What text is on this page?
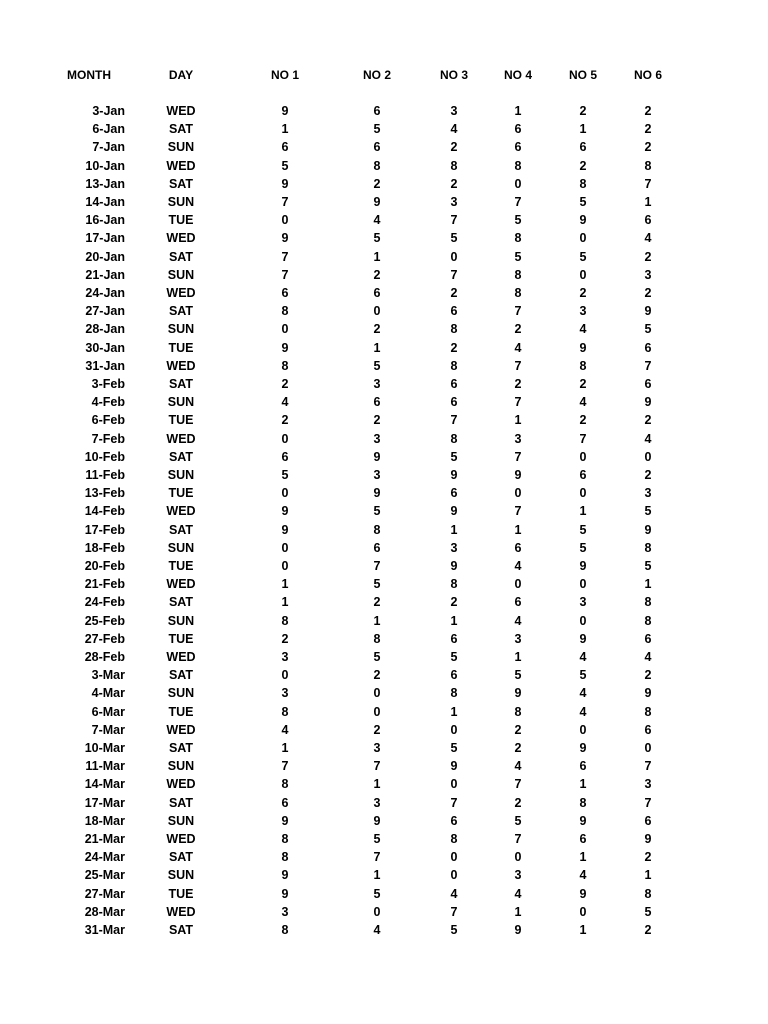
MONTH	DAY	NO 1	NO 2	NO 3	NO 4	NO 5	NO 6
3-Jan	WED	9	6	3	1	2	2
6-Jan	SAT	1	5	4	6	1	2
7-Jan	SUN	6	6	2	6	6	2
10-Jan	WED	5	8	8	8	2	8
13-Jan	SAT	9	2	2	0	8	7
14-Jan	SUN	7	9	3	7	5	1
16-Jan	TUE	0	4	7	5	9	6
17-Jan	WED	9	5	5	8	0	4
20-Jan	SAT	7	1	0	5	5	2
21-Jan	SUN	7	2	7	8	0	3
24-Jan	WED	6	6	2	8	2	2
27-Jan	SAT	8	0	6	7	3	9
28-Jan	SUN	0	2	8	2	4	5
30-Jan	TUE	9	1	2	4	9	6
31-Jan	WED	8	5	8	7	8	7
3-Feb	SAT	2	3	6	2	2	6
4-Feb	SUN	4	6	6	7	4	9
6-Feb	TUE	2	2	7	1	2	2
7-Feb	WED	0	3	8	3	7	4
10-Feb	SAT	6	9	5	7	0	0
11-Feb	SUN	5	3	9	9	6	2
13-Feb	TUE	0	9	6	0	0	3
14-Feb	WED	9	5	9	7	1	5
17-Feb	SAT	9	8	1	1	5	9
18-Feb	SUN	0	6	3	6	5	8
20-Feb	TUE	0	7	9	4	9	5
21-Feb	WED	1	5	8	0	0	1
24-Feb	SAT	1	2	2	6	3	8
25-Feb	SUN	8	1	1	4	0	8
27-Feb	TUE	2	8	6	3	9	6
28-Feb	WED	3	5	5	1	4	4
3-Mar	SAT	0	2	6	5	5	2
4-Mar	SUN	3	0	8	9	4	9
6-Mar	TUE	8	0	1	8	4	8
7-Mar	WED	4	2	0	2	0	6
10-Mar	SAT	1	3	5	2	9	0
11-Mar	SUN	7	7	9	4	6	7
14-Mar	WED	8	1	0	7	1	3
17-Mar	SAT	6	3	7	2	8	7
18-Mar	SUN	9	9	6	5	9	6
21-Mar	WED	8	5	8	7	6	9
24-Mar	SAT	8	7	0	0	1	2
25-Mar	SUN	9	1	0	3	4	1
27-Mar	TUE	9	5	4	4	9	8
28-Mar	WED	3	0	7	1	0	5
31-Mar	SAT	8	4	5	9	1	2
